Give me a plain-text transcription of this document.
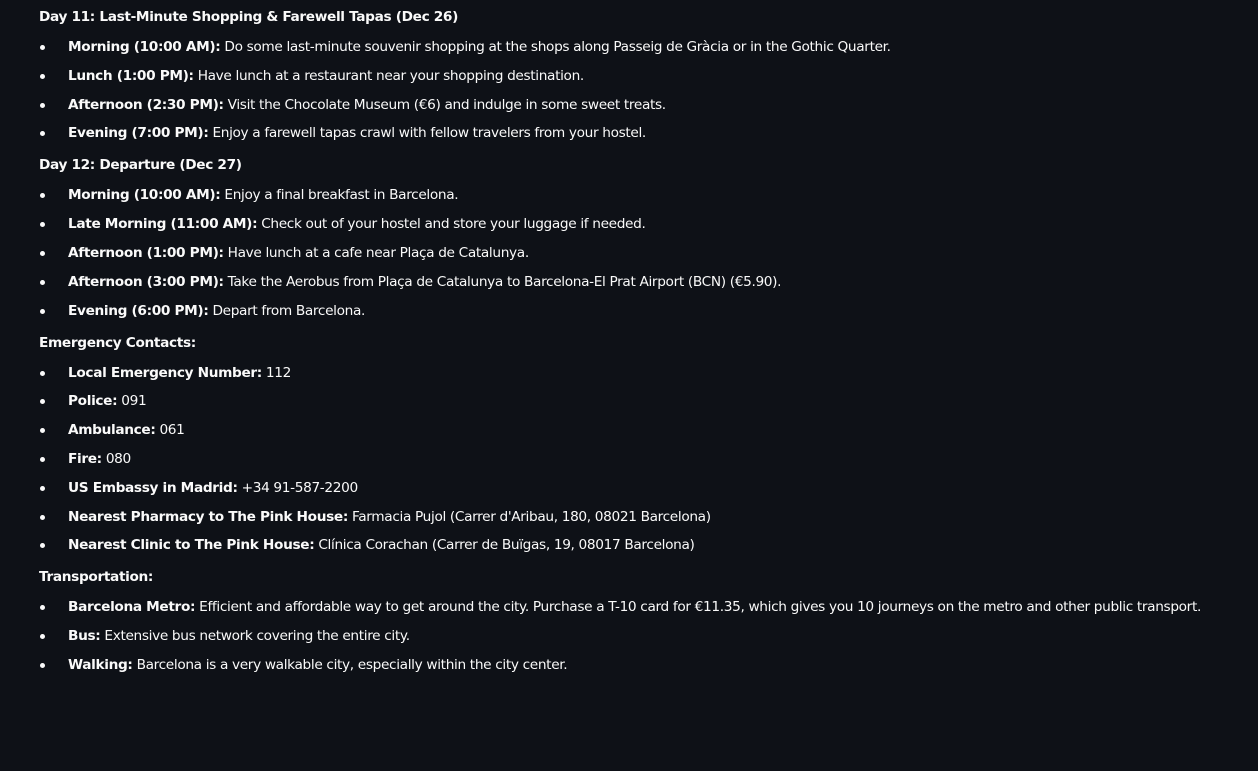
Day 11: Last-Minute Shopping & Farewell Tapas (Dec 26)

Morning (10:00 AM): Do some last-minute souvenir shopping at the shops along Passeig de Gràcia or in the Gothic Quarter.
Lunch (1:00 PM): Have lunch at a restaurant near your shopping destination.
Afternoon (2:30 PM): Visit the Chocolate Museum (€6) and indulge in some sweet treats.
Evening (7:00 PM): Enjoy a farewell tapas crawl with fellow travelers from your hostel.

Day 12: Departure (Dec 27)

Morning (10:00 AM): Enjoy a final breakfast in Barcelona.
Late Morning (11:00 AM): Check out of your hostel and store your luggage if needed.
Afternoon (1:00 PM): Have lunch at a cafe near Plaça de Catalunya.
Afternoon (3:00 PM): Take the Aerobus from Plaça de Catalunya to Barcelona-El Prat Airport (BCN) (€5.90).
Evening (6:00 PM): Depart from Barcelona.

Emergency Contacts:

Local Emergency Number: 112
Police: 091
Ambulance: 061
Fire: 080
US Embassy in Madrid: +34 91-587-2200
Nearest Pharmacy to The Pink House: Farmacia Pujol (Carrer d'Aribau, 180, 08021 Barcelona)
Nearest Clinic to The Pink House: Clínica Corachan (Carrer de Buïgas, 19, 08017 Barcelona)

Transportation:

Barcelona Metro: Efficient and affordable way to get around the city. Purchase a T-10 card for €11.35, which gives you 10 journeys on the metro and other public transport.
Bus: Extensive bus network covering the entire city.
Walking: Barcelona is a very walkable city, especially within the city center.
